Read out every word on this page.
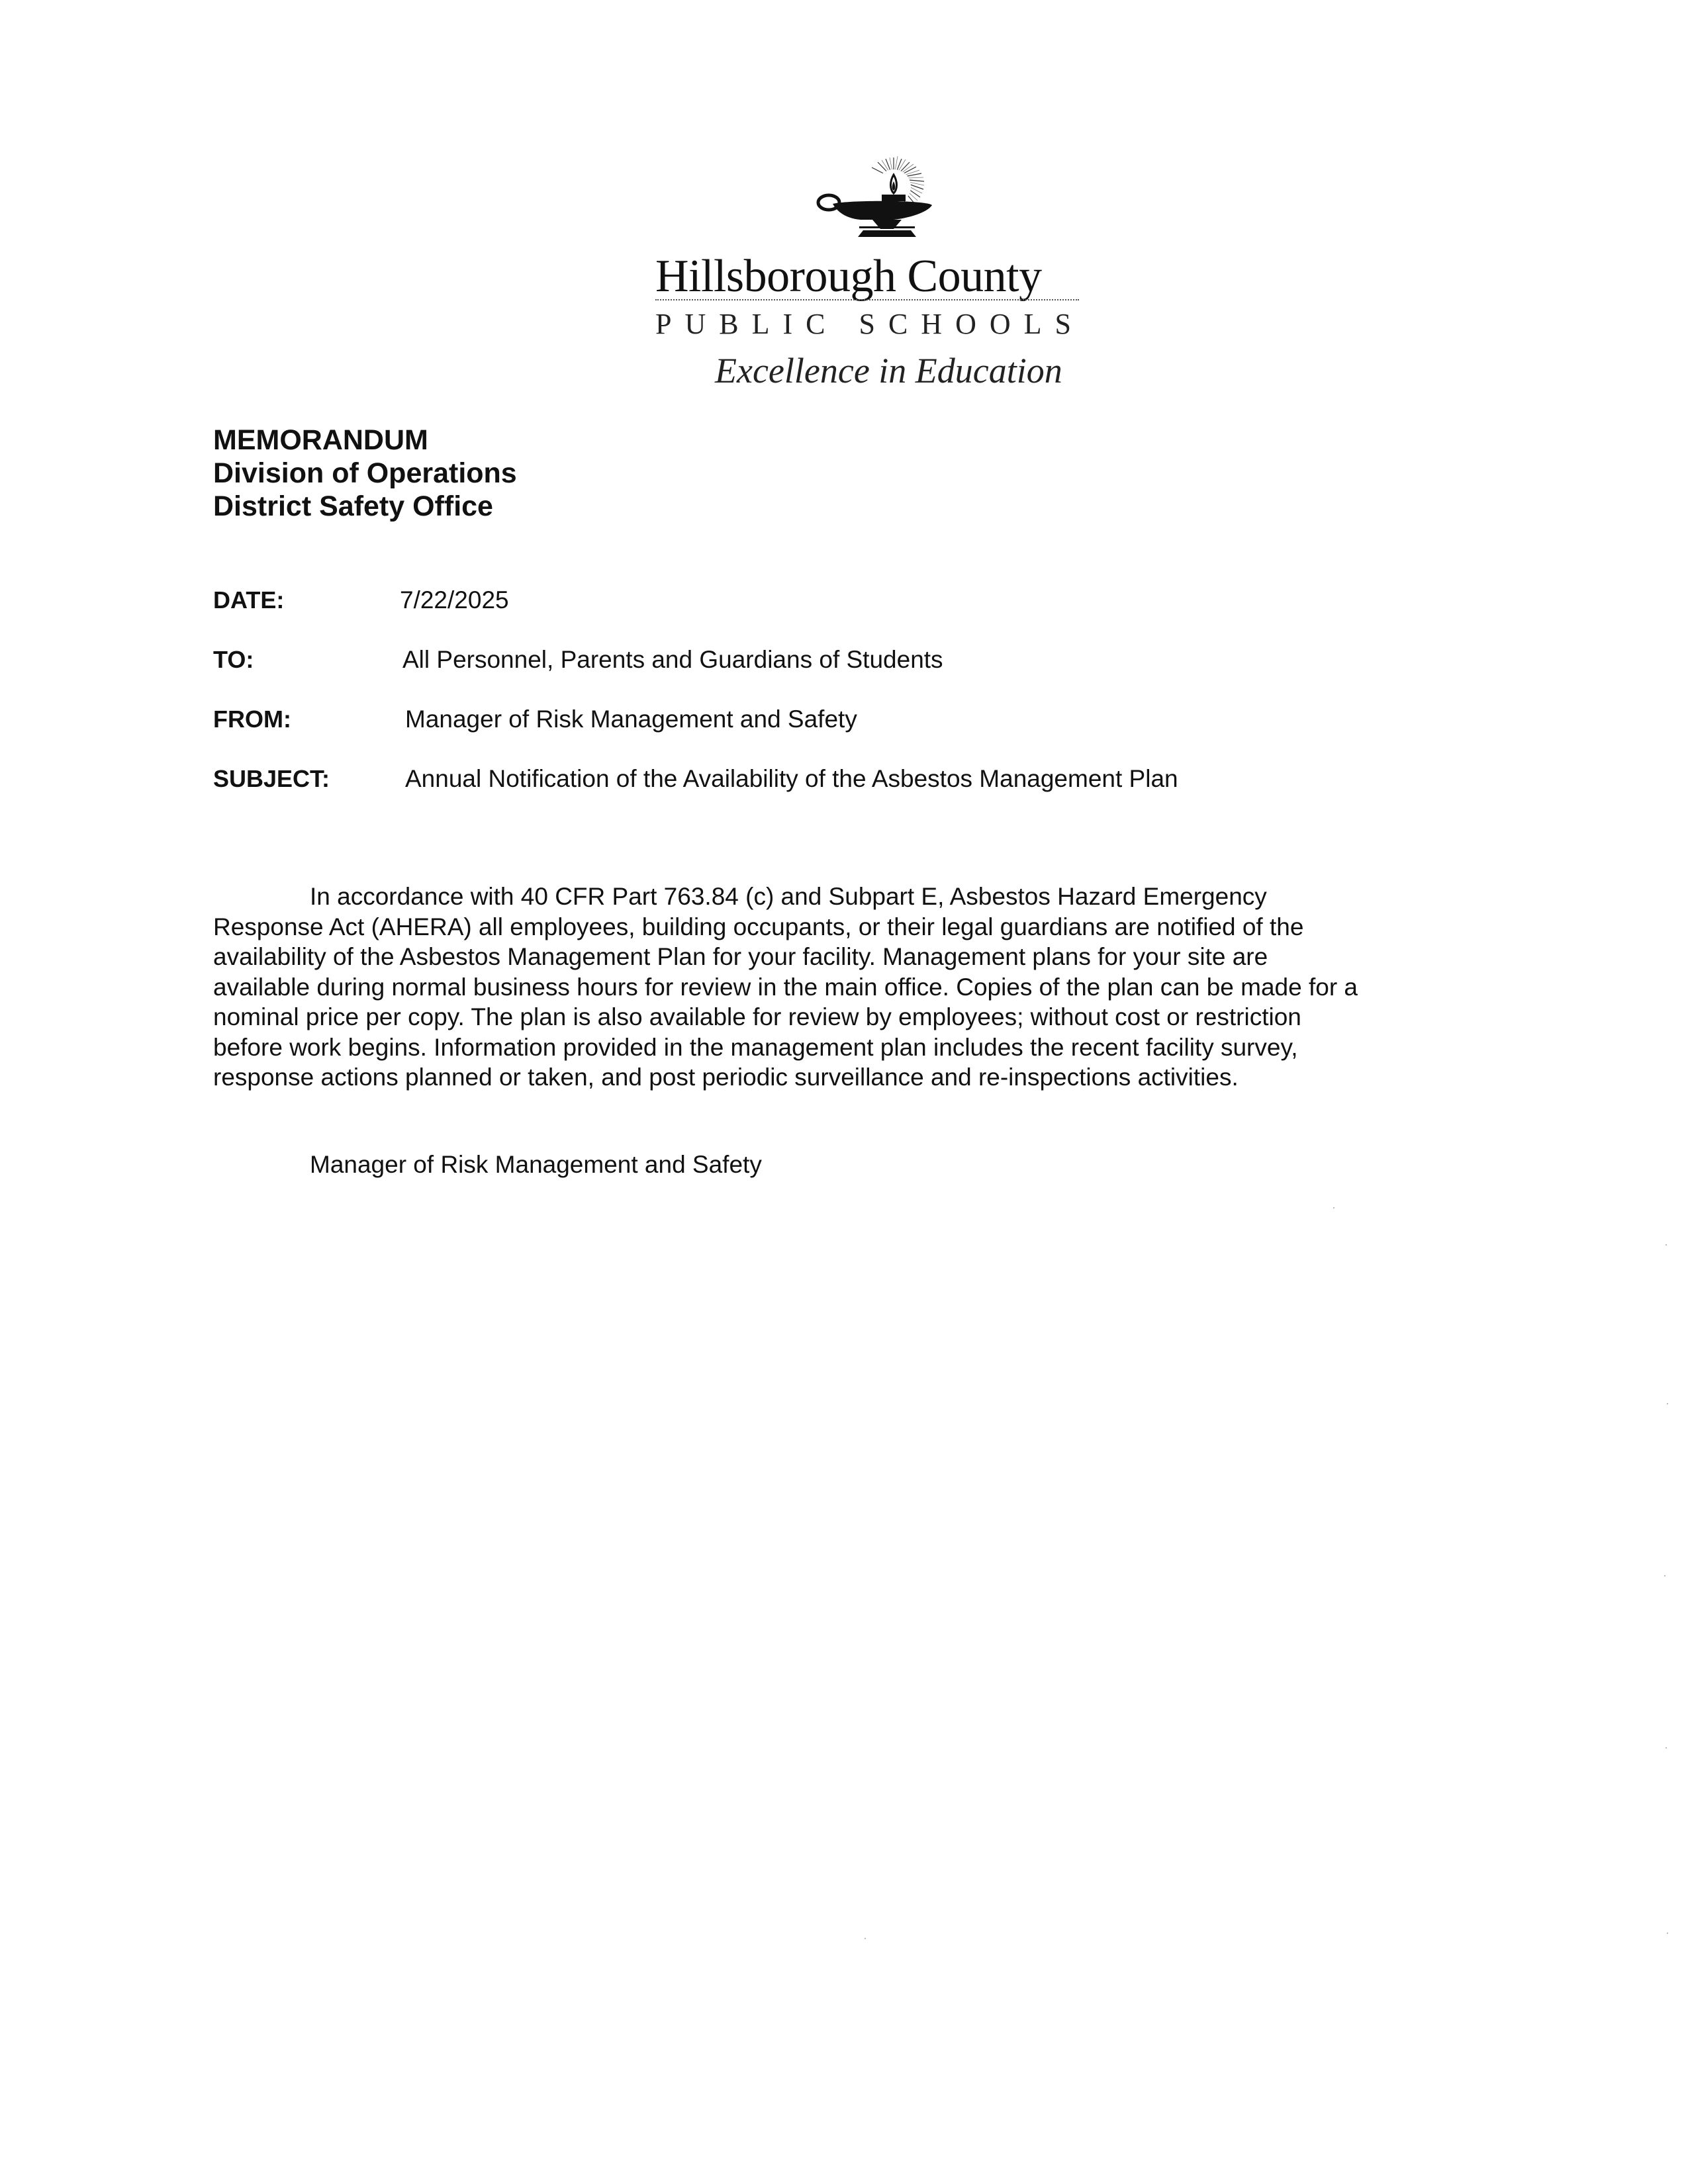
Hillsborough County
PUBLIC SCHOOLS
Excellence in Education
MEMORANDUM
Division of Operations
District Safety Office
DATE:	7/22/2025
TO:	All Personnel, Parents and Guardians of Students
FROM:	Manager of Risk Management and Safety
SUBJECT:	Annual Notification of the Availability of the Asbestos Management Plan
In accordance with 40 CFR Part 763.84 (c) and Subpart E, Asbestos Hazard Emergency
Response Act (AHERA) all employees, building occupants, or their legal guardians are notified of the
availability of the Asbestos Management Plan for your facility. Management plans for your site are
available during normal business hours for review in the main office. Copies of the plan can be made for a
nominal price per copy. The plan is also available for review by employees; without cost or restriction
before work begins. Information provided in the management plan includes the recent facility survey,
response actions planned or taken, and post periodic surveillance and re-inspections activities.
Manager of Risk Management and Safety
